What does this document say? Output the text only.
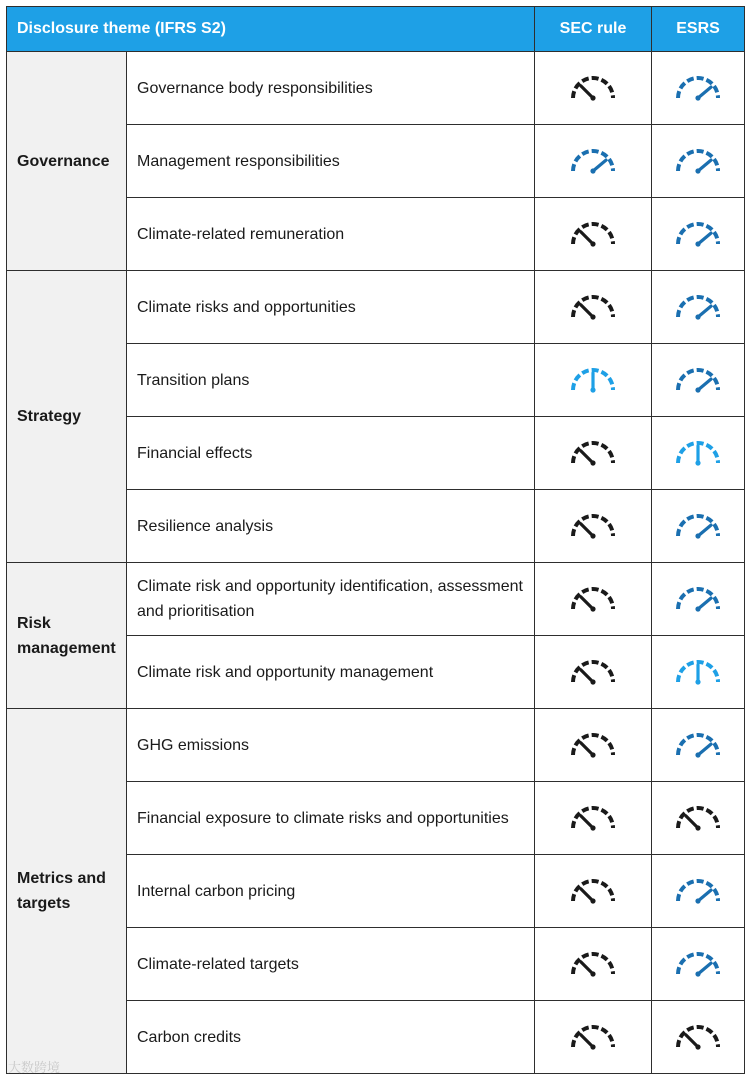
Disclosure theme (IFRS S2)		SEC rule	ESRS
Governance	Governance body responsibilities	

	Management responsibilities	

	Climate-related remuneration	

Strategy	Climate risks and opportunities	

	Transition plans	

	Financial effects	

	Resilience analysis	

Risk management	Climate risk and opportunity identification, assessment and prioritisation	

	Climate risk and opportunity management	

Metrics and targets	GHG emissions	

	Financial exposure to climate risks and opportunities	

	Internal carbon pricing	

	Climate-related targets	

	Carbon credits	

大数跨境
